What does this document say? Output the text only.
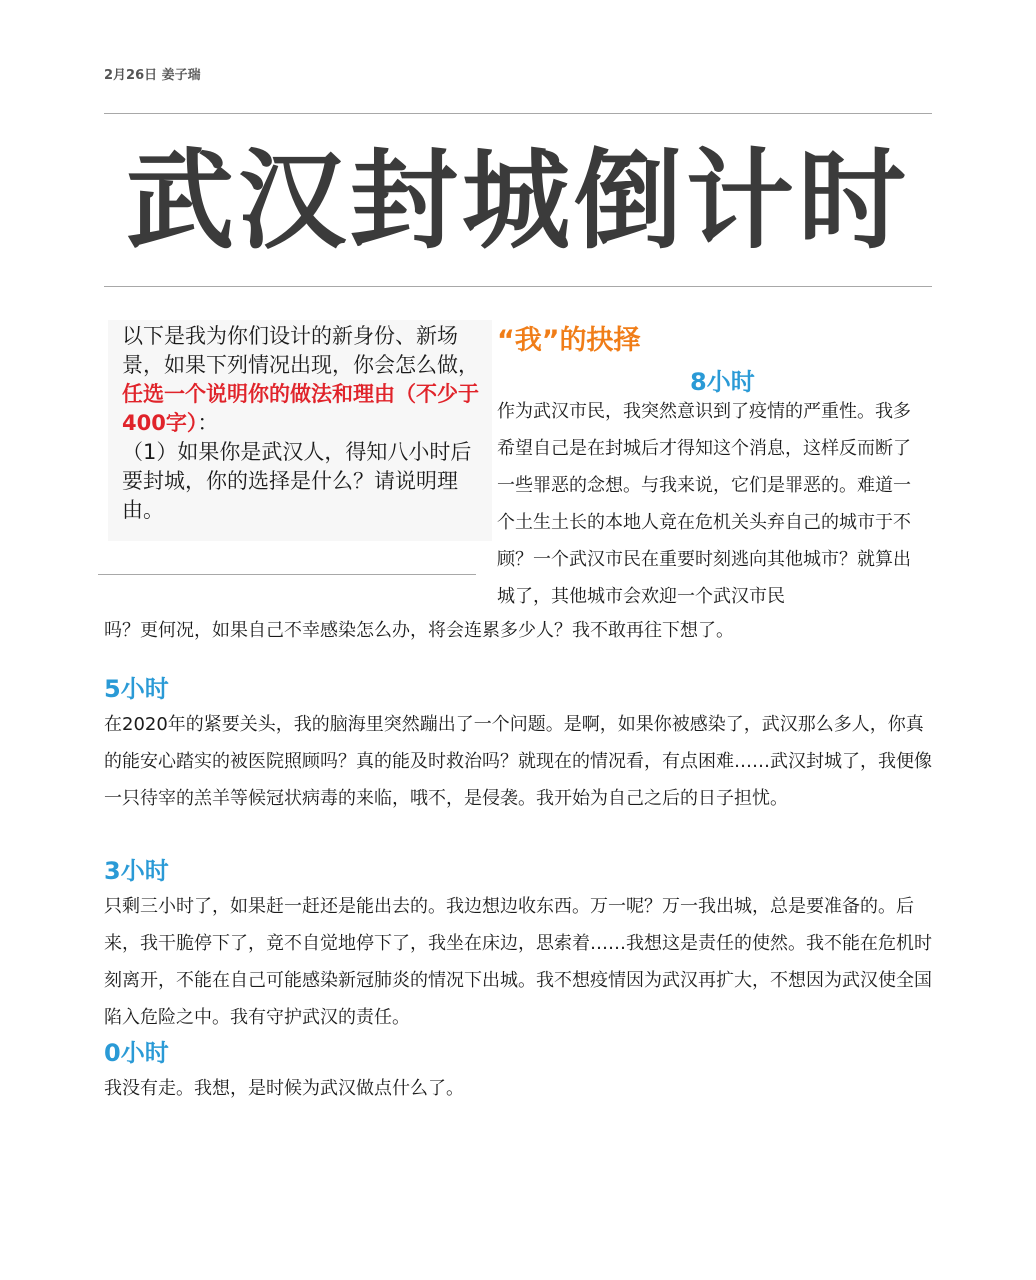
2月26日 姜子瑞
武汉封城倒计时

以下是我为你们设计的新身份、新场景，如果下列情况出现，你会怎么做，任选一个说明你的做法和理由（不少于400字）：

（1）如果你是武汉人，得知八小时后要封城，你的选择是什么？请说明理由。

“我”的抉择
8小时
作为武汉市民，我突然意识到了疫情的严重性。我多希望自己是在封城后才得知这个消息，这样反而断了一些罪恶的念想。与我来说，它们是罪恶的。难道一个土生土长的本地人竟在危机关头弃自己的城市于不顾？一个武汉市民在重要时刻逃向其他城市？就算出城了，其他城市会欢迎一个武汉市民
吗？更何况，如果自己不幸感染怎么办，将会连累多少人？我不敢再往下想了。
5小时

在2020年的紧要关头，我的脑海里突然蹦出了一个问题。是啊，如果你被感染了，武汉那么多人，你真的能安心踏实的被医院照顾吗？真的能及时救治吗？就现在的情况看，有点困难……武汉封城了，我便像一只待宰的羔羊等候冠状病毒的来临，哦不，是侵袭。我开始为自己之后的日子担忧。

3小时

只剩三小时了，如果赶一赶还是能出去的。我边想边收东西。万一呢？万一我出城，总是要准备的。后来，我干脆停下了，竟不自觉地停下了，我坐在床边，思索着……我想这是责任的使然。我不能在危机时刻离开，不能在自己可能感染新冠肺炎的情况下出城。我不想疫情因为武汉再扩大，不想因为武汉使全国陷入危险之中。我有守护武汉的责任。

0小时

我没有走。我想，是时候为武汉做点什么了。
